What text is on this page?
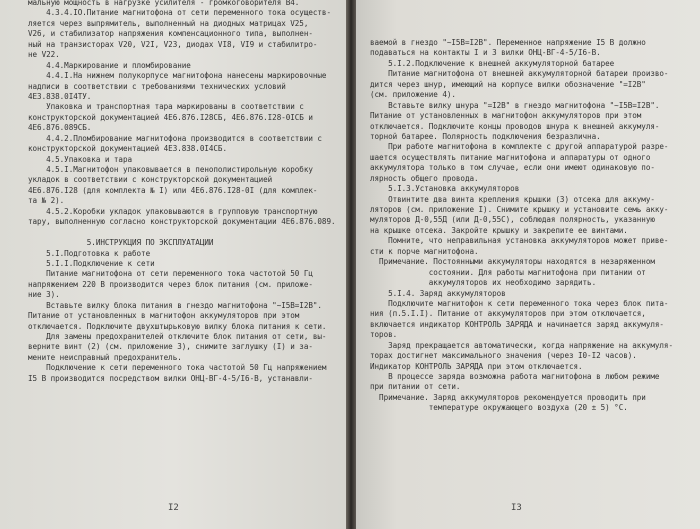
мальную мощность в нагрузке усилителя - громкоговорителя В4.
4.3.4.IO.Питание магнитофона от сети переменного тока осуществ-
ляется через выпрямитель, выполненный на диодных матрицах V25,
V26, и стабилизатор напряжения компенсационного типа, выполнен-
ный на транзисторах V20, V2I, V23, диодах VI8, VI9 и стабилитро-
не V22.
4.4.Маркирование и пломбирование
4.4.I.На нижнем полукорпусе магнитофона нанесены маркировочные
надписи в соответствии с требованиями технических условий
4ЕЗ.838.0I4ТУ.
Упаковка и транспортная тара маркированы в соответствии с
конструкторской документацией 4Е6.876.I28СБ, 4Е6.876.I28-0IСБ и
4Е6.876.089СБ.
4.4.2.Пломбирование магнитофона производится в соответствии с
конструкторской документацией 4ЕЗ.838.0I4СБ.
4.5.Упаковка и тара
4.5.I.Магнитофон упаковывается в пенополистирольную коробку
укладок в соответствии с конструкторской документацией
4Е6.876.I28 (для комплекта № I) или 4Е6.876.I28-0I (для комплек-
та № 2).
4.5.2.Коробки укладок упаковываются в групповую транспортную
тару, выполненную согласно конструкторской документации 4Е6.876.089.
5.ИНСТРУКЦИЯ ПО ЭКСПЛУАТАЦИИ
5.I.Подготовка к работе
5.I.I.Подключение к сети
Питание магнитофона от сети переменного тока частотой 50 Гц
напряжением 220 В производится через блок питания (см. приложе-
ние 3).
Вставьте вилку блока питания в гнездо магнитофона "~I5В=I2В".
Питание от установленных в магнитофон аккумуляторов при этом
отключается. Подключите двухштырьковую вилку блока питания к сети.
Для замены предохранителей отключите блок питания от сети, вы-
верните винт (2) (см. приложение 3), снимите заглушку (I) и за-
мените неисправный предохранитель.
Подключение к сети переменного тока частотой 50 Гц напряжением
I5 В производится посредством вилки ОНЦ-ВГ-4-5/I6-В, устанавли-
I2
ваемой в гнездо "~I5В=I2В". Переменное напряжение I5 В должно
подаваться на контакты I и 3 вилки ОНЦ-ВГ-4-5/I6-В.
5.I.2.Подключение к внешней аккумуляторной батарее
Питание магнитофона от внешней аккумуляторной батареи произво-
дится через шнур, имеющий на корпусе вилки обозначение "=I2В"
(см. приложение 4).
Вставьте вилку шнура "=I2В" в гнездо магнитофона "~I5В=I2В".
Питание от установленных в магнитофон аккумуляторов при этом
отключается. Подключите концы проводов шнура к внешней аккумуля-
торной батарее. Полярность подключения безразлична.
При работе магнитофона в комплекте с другой аппаратурой разре-
шается осуществлять питание магнитофона и аппаратуры от одного
аккумулятора только в том случае, если они имеют одинаковую по-
лярность общего провода.
5.I.3.Установка аккумуляторов
Отвинтите два винта крепления крышки (3) отсека для аккуму-
ляторов (см. приложение I). Снимите крышку и установите семь акку-
муляторов Д-0,55Д (или Д-0,55С), соблюдая полярность, указанную
на крышке отсека. Закройте крышку и закрепите ее винтами.
Помните, что неправильная установка аккумуляторов может приве-
сти к порче магнитофона.
Примечание. Постоянными аккумуляторы находятся в незаряженном
состоянии. Для работы магнитофона при питании от
аккумуляторов их необходимо зарядить.
5.I.4. Заряд аккумуляторов
Подключите магнитофон к сети переменного тока через блок пита-
ния (п.5.I.I). Питание от аккумуляторов при этом отключается,
включается индикатор КОНТРОЛЬ ЗАРЯДА и начинается заряд аккумуля-
торов.
Заряд прекращается автоматически, когда напряжение на аккумуля-
торах достигнет максимального значения (через I0-I2 часов).
Индикатор КОНТРОЛЬ ЗАРЯДА при этом отключается.
В процессе заряда возможна работа магнитофона в любом режиме
при питании от сети.
Примечание. Заряд аккумуляторов рекомендуется проводить при
температуре окружающего воздуха (20 ± 5) °С.
I3
